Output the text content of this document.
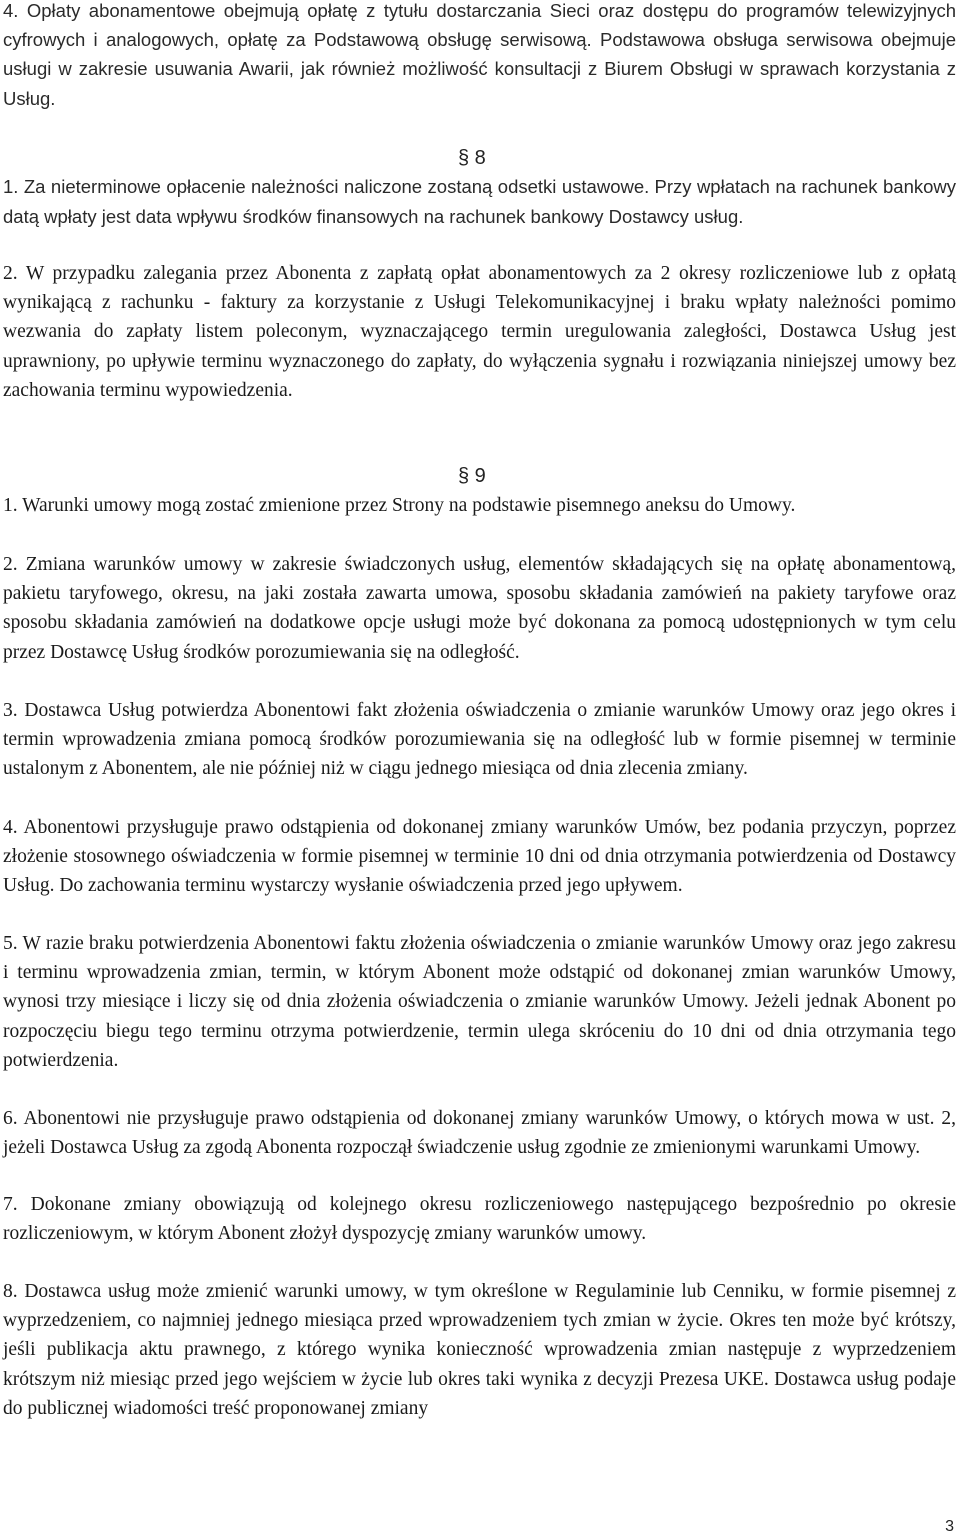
4. Opłaty abonamentowe obejmują opłatę z tytułu dostarczania Sieci oraz dostępu do programów telewizyjnych cyfrowych i analogowych, opłatę za Podstawową obsługę serwisową. Podstawowa obsługa serwisowa obejmuje usługi w zakresie usuwania Awarii, jak również możliwość konsultacji z Biurem Obsługi w sprawach korzystania z Usług.

§ 8

1. Za nieterminowe opłacenie należności naliczone zostaną odsetki ustawowe. Przy wpłatach na rachunek bankowy datą wpłaty jest data wpływu środków finansowych na rachunek bankowy Dostawcy usług.

2. W przypadku zalegania przez Abonenta z zapłatą opłat abonamentowych za 2 okresy rozliczeniowe lub z opłatą wynikającą z rachunku - faktury za korzystanie z Usługi Telekomunikacyjnej i braku wpłaty należności pomimo wezwania do zapłaty listem poleconym, wyznaczającego termin uregulowania zaległości, Dostawca Usług jest uprawniony, po upływie terminu wyznaczonego do zapłaty, do wyłączenia sygnału i rozwiązania niniejszej umowy bez zachowania terminu wypowiedzenia.

§ 9

1. Warunki umowy mogą zostać zmienione przez Strony na podstawie pisemnego aneksu do Umowy.

2. Zmiana warunków umowy w zakresie świadczonych usług, elementów składających się na opłatę abonamentową, pakietu taryfowego, okresu, na jaki została zawarta umowa, sposobu składania zamówień na pakiety taryfowe oraz sposobu składania zamówień na dodatkowe opcje usługi może być dokonana za pomocą udostępnionych w tym celu przez Dostawcę Usług środków porozumiewania się na odległość.

3. Dostawca Usług potwierdza Abonentowi fakt złożenia oświadczenia o zmianie warunków Umowy oraz jego okres i termin wprowadzenia zmiana pomocą środków porozumiewania się na odległość lub w formie pisemnej w terminie ustalonym z Abonentem, ale nie później niż w ciągu jednego miesiąca od dnia zlecenia zmiany.

4. Abonentowi przysługuje prawo odstąpienia od dokonanej zmiany warunków Umów, bez podania przyczyn, poprzez złożenie stosownego oświadczenia w formie pisemnej w terminie 10 dni od dnia otrzymania potwierdzenia od Dostawcy Usług. Do zachowania terminu wystarczy wysłanie oświadczenia przed jego upływem.

5. W razie braku potwierdzenia Abonentowi faktu złożenia oświadczenia o zmianie warunków Umowy oraz jego zakresu i terminu wprowadzenia zmian, termin, w którym Abonent może odstąpić od dokonanej zmian warunków Umowy, wynosi trzy miesiące i liczy się od dnia złożenia oświadczenia o zmianie warunków Umowy. Jeżeli jednak Abonent po rozpoczęciu biegu tego terminu otrzyma potwierdzenie, termin ulega skróceniu do 10 dni od dnia otrzymania tego potwierdzenia.

6. Abonentowi nie przysługuje prawo odstąpienia od dokonanej zmiany warunków Umowy, o których mowa w ust. 2, jeżeli Dostawca Usług za zgodą Abonenta rozpoczął świadczenie usług zgodnie ze zmienionymi warunkami Umowy.

7. Dokonane zmiany obowiązują od kolejnego okresu rozliczeniowego następującego bezpośrednio po okresie rozliczeniowym, w którym Abonent złożył dyspozycję zmiany warunków umowy.

8. Dostawca usług może zmienić warunki umowy, w tym określone w Regulaminie lub Cenniku, w formie pisemnej z wyprzedzeniem, co najmniej jednego miesiąca przed wprowadzeniem tych zmian w życie. Okres ten może być krótszy, jeśli publikacja aktu prawnego, z którego wynika konieczność wprowadzenia zmian następuje z wyprzedzeniem krótszym niż miesiąc przed jego wejściem w życie lub okres taki wynika z decyzji Prezesa UKE. Dostawca usług podaje do publicznej wiadomości treść proponowanej zmiany

3
